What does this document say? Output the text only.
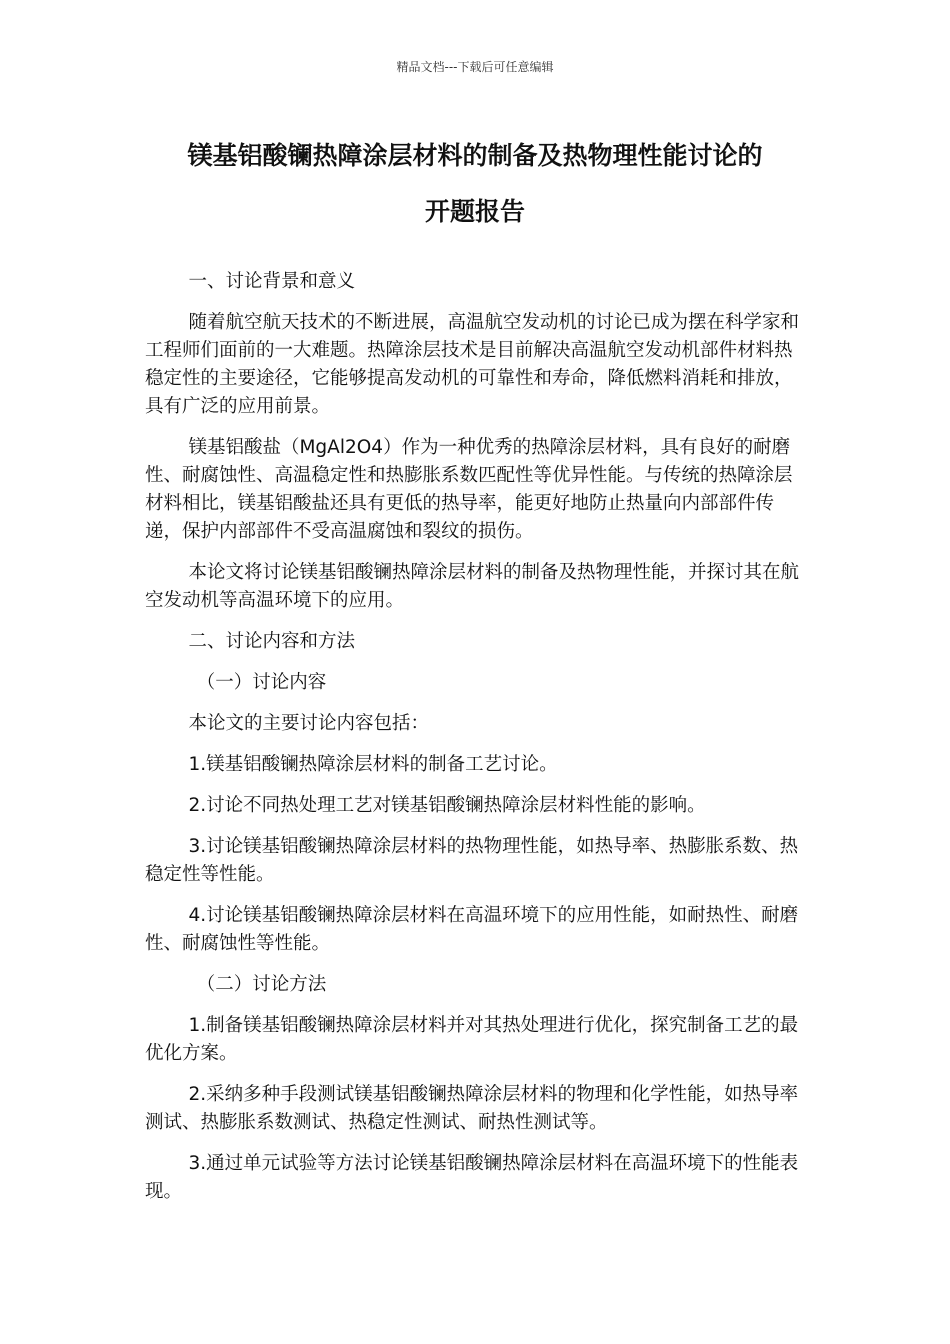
精品文档---下载后可任意编辑
镁基铝酸镧热障涂层材料的制备及热物理性能讨论的
开题报告

一、讨论背景和意义

随着航空航天技术的不断进展，高温航空发动机的讨论已成为摆在科学家和工程师们面前的一大难题。热障涂层技术是目前解决高温航空发动机部件材料热稳定性的主要途径，它能够提高发动机的可靠性和寿命，降低燃料消耗和排放，具有广泛的应用前景。

镁基铝酸盐（MgAl2O4）作为一种优秀的热障涂层材料，具有良好的耐磨性、耐腐蚀性、高温稳定性和热膨胀系数匹配性等优异性能。与传统的热障涂层材料相比，镁基铝酸盐还具有更低的热导率，能更好地防止热量向内部部件传递，保护内部部件不受高温腐蚀和裂纹的损伤。

本论文将讨论镁基铝酸镧热障涂层材料的制备及热物理性能，并探讨其在航空发动机等高温环境下的应用。

二、讨论内容和方法

（一）讨论内容

本论文的主要讨论内容包括：

1.镁基铝酸镧热障涂层材料的制备工艺讨论。

2.讨论不同热处理工艺对镁基铝酸镧热障涂层材料性能的影响。

3.讨论镁基铝酸镧热障涂层材料的热物理性能，如热导率、热膨胀系数、热稳定性等性能。

4.讨论镁基铝酸镧热障涂层材料在高温环境下的应用性能，如耐热性、耐磨性、耐腐蚀性等性能。

（二）讨论方法

1.制备镁基铝酸镧热障涂层材料并对其热处理进行优化，探究制备工艺的最优化方案。

2.采纳多种手段测试镁基铝酸镧热障涂层材料的物理和化学性能，如热导率测试、热膨胀系数测试、热稳定性测试、耐热性测试等。

3.通过单元试验等方法讨论镁基铝酸镧热障涂层材料在高温环境下的性能表现。
